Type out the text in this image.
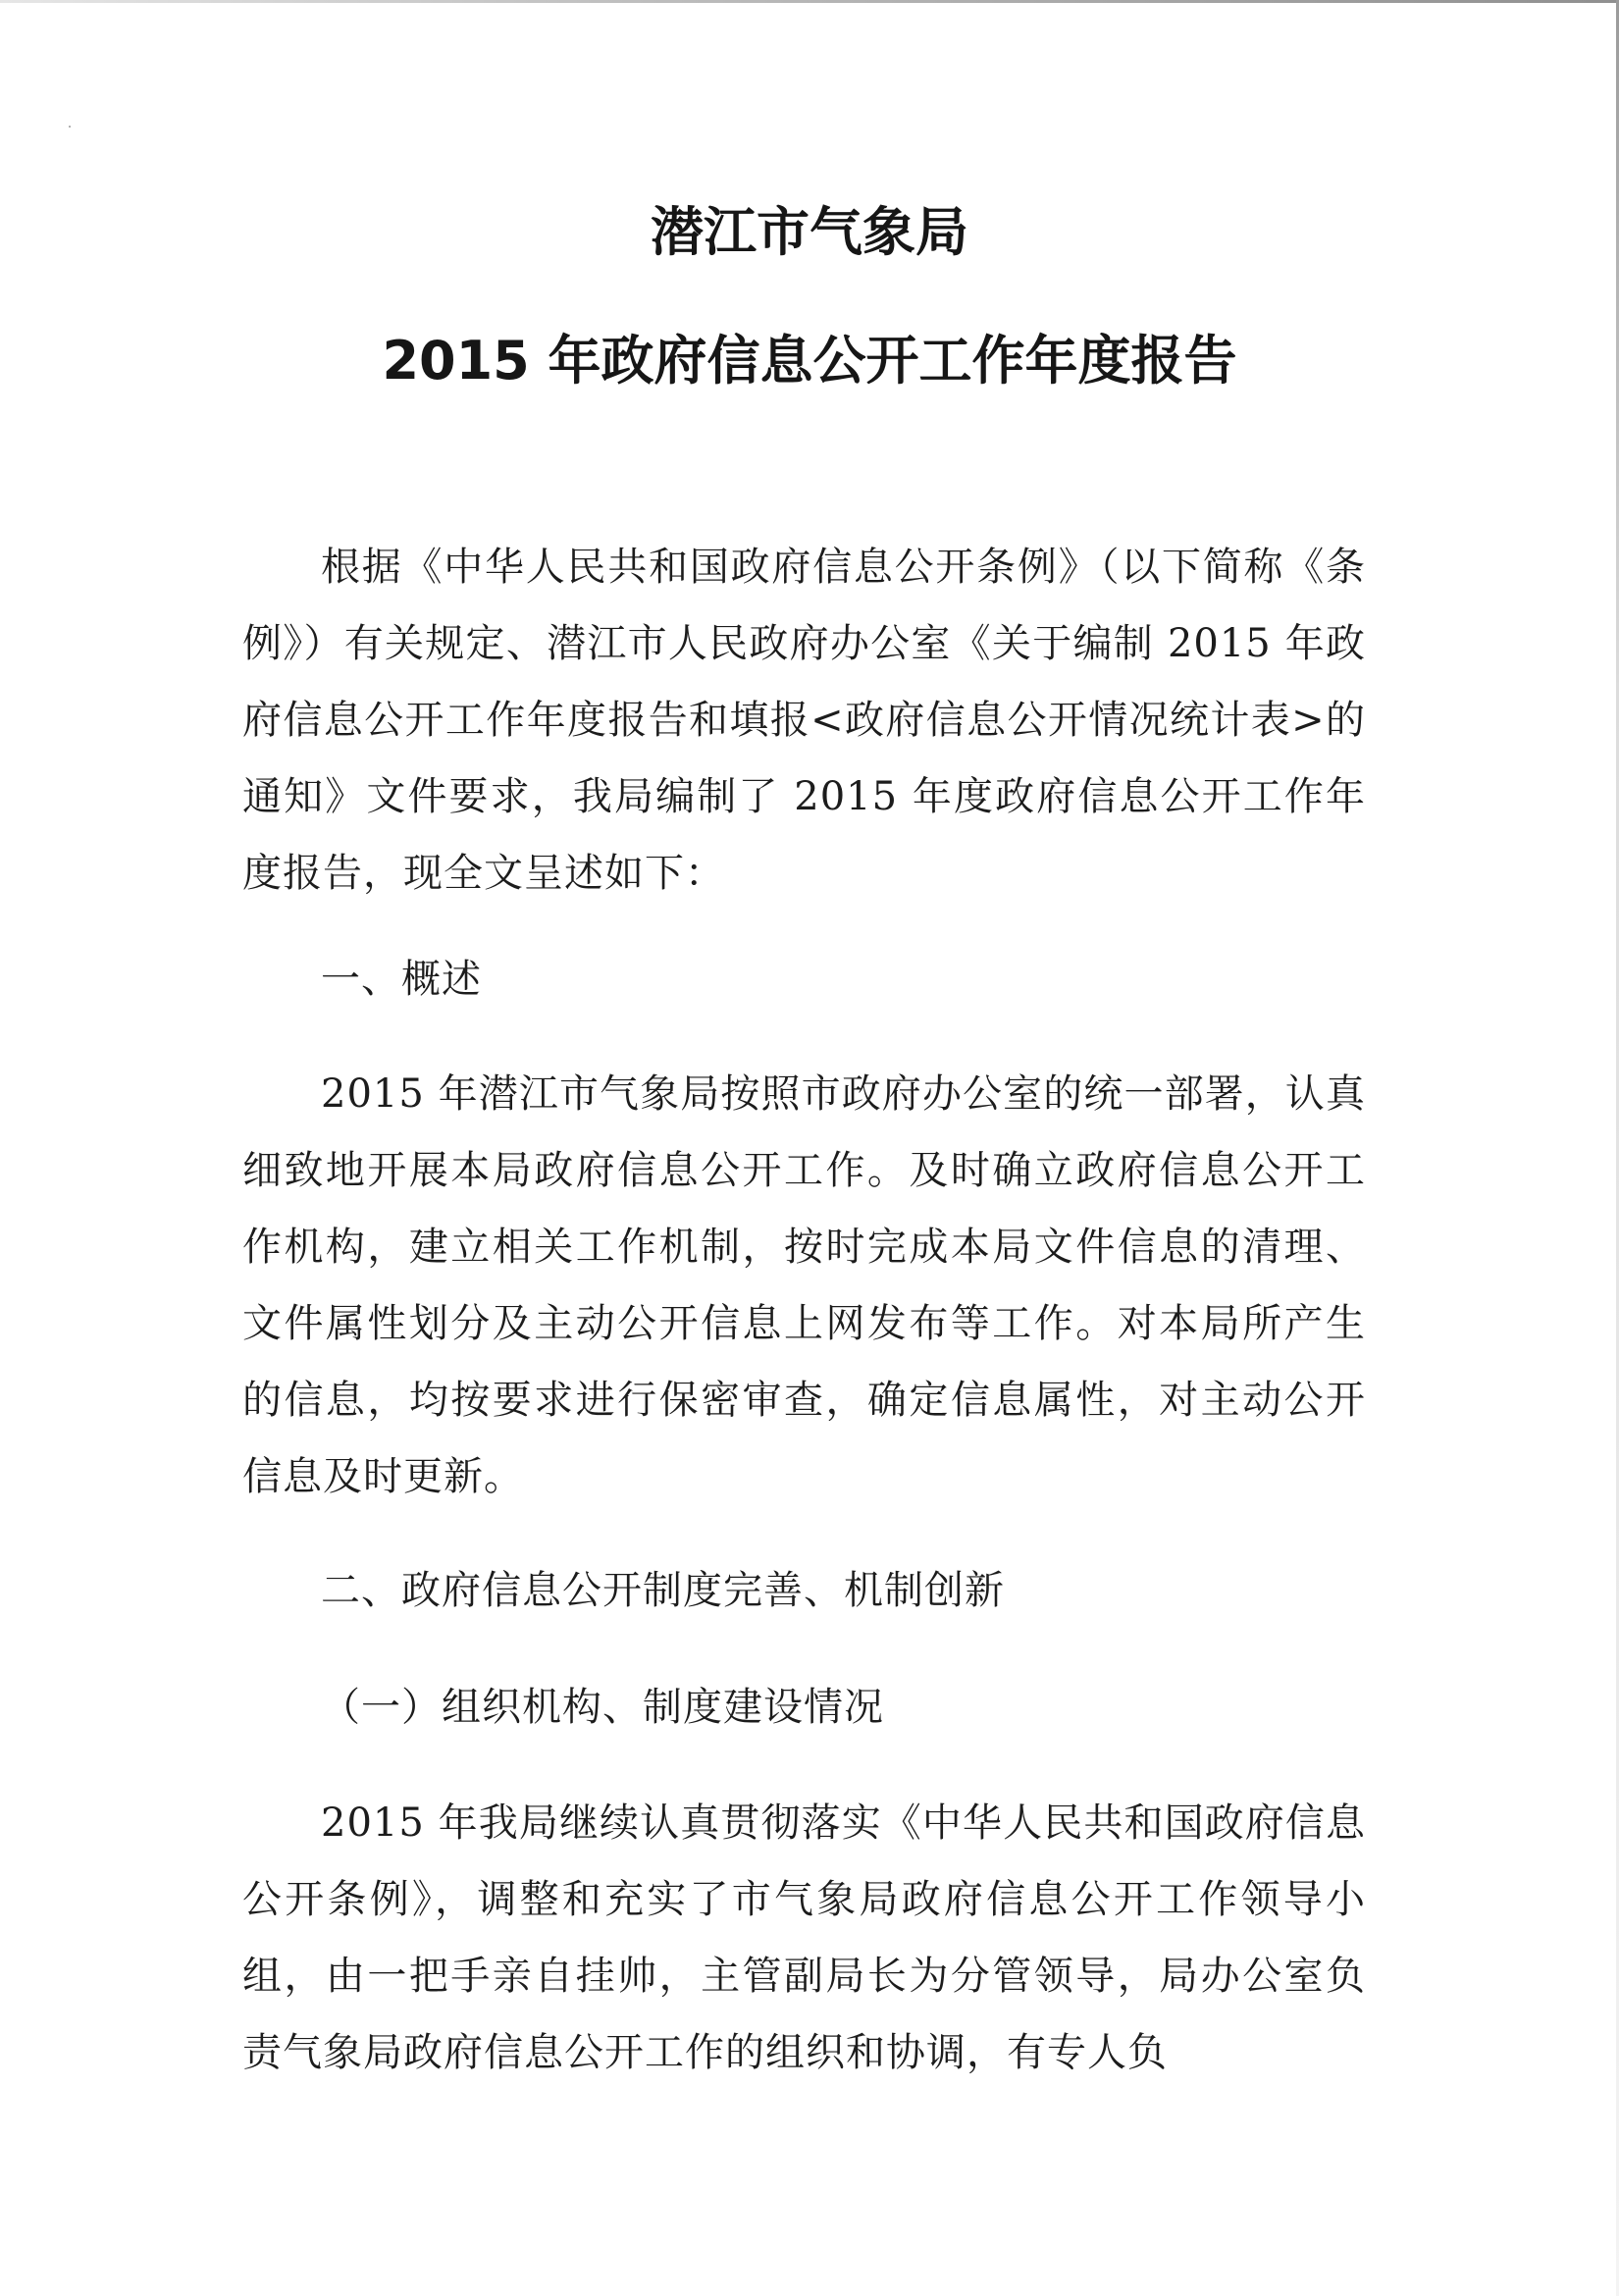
潜江市气象局
2015 年政府信息公开工作年度报告

根据《中华人民共和国政府信息公开条例》（以下简称《条例》）有关规定、潜江市人民政府办公室《关于编制 2015 年政府信息公开工作年度报告和填报<政府信息公开情况统计表>的通知》文件要求，我局编制了 2015 年度政府信息公开工作年度报告，现全文呈述如下：

一、概述

2015 年潜江市气象局按照市政府办公室的统一部署，认真细致地开展本局政府信息公开工作。及时确立政府信息公开工作机构，建立相关工作机制，按时完成本局文件信息的清理、文件属性划分及主动公开信息上网发布等工作。对本局所产生的信息，均按要求进行保密审查，确定信息属性，对主动公开信息及时更新。

二、政府信息公开制度完善、机制创新

（一）组织机构、制度建设情况

2015 年我局继续认真贯彻落实《中华人民共和国政府信息公开条例》，调整和充实了市气象局政府信息公开工作领导小组，由一把手亲自挂帅，主管副局长为分管领导，局办公室负责气象局政府信息公开工作的组织和协调，有专人负
